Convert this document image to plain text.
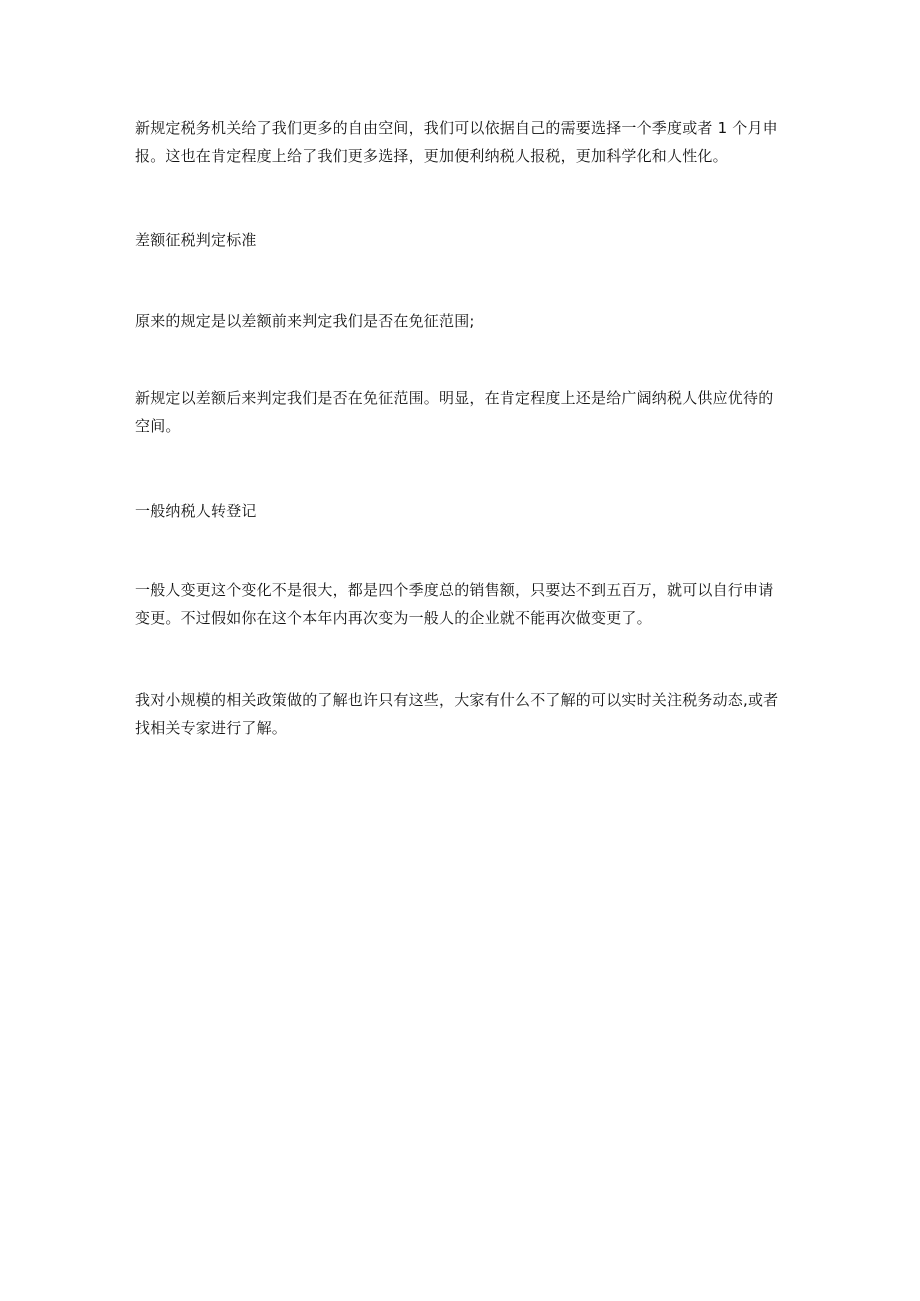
新规定税务机关给了我们更多的自由空间，我们可以依据自己的需要选择一个季度或者 1 个月申报。这也在肯定程度上给了我们更多选择，更加便利纳税人报税，更加科学化和人性化。

差额征税判定标准

原来的规定是以差额前来判定我们是否在免征范围;

新规定以差额后来判定我们是否在免征范围。明显，在肯定程度上还是给广阔纳税人供应优待的空间。

一般纳税人转登记

一般人变更这个变化不是很大，都是四个季度总的销售额，只要达不到五百万，就可以自行申请变更。不过假如你在这个本年内再次变为一般人的企业就不能再次做变更了。

我对小规模的相关政策做的了解也许只有这些，大家有什么不了解的可以实时关注税务动态,或者找相关专家进行了解。
